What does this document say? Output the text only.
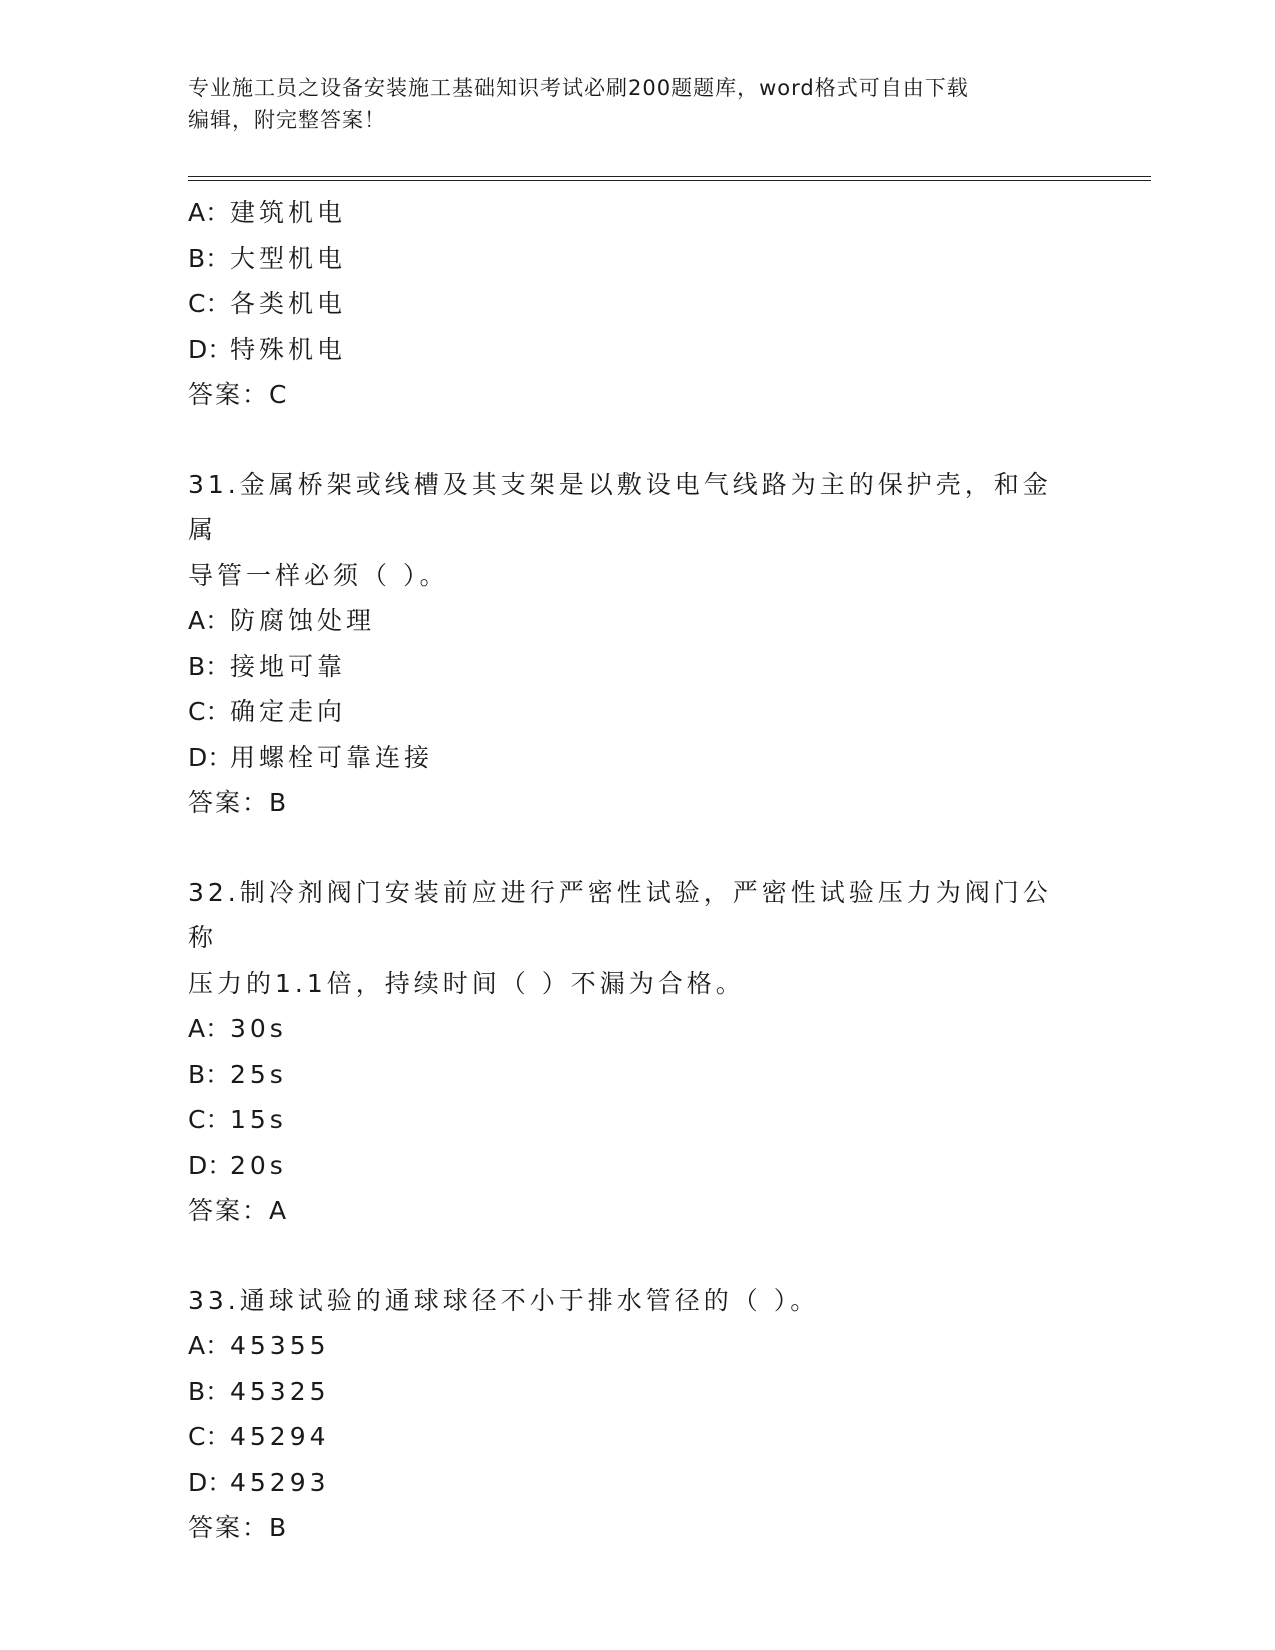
专业施工员之设备安装施工基础知识考试必刷200题题库，word格式可自由下载
编辑，附完整答案！
A：建筑机电
B：大型机电
C：各类机电
D：特殊机电
答案：C
31.金属桥架或线槽及其支架是以敷设电气线路为主的保护壳，和金属
导管一样必须（ ）。
A：防腐蚀处理
B：接地可靠
C：确定走向
D：用螺栓可靠连接
答案：B
32.制冷剂阀门安装前应进行严密性试验，严密性试验压力为阀门公称
压力的1.1倍，持续时间（ ）不漏为合格。
A：30s
B：25s
C：15s
D：20s
答案：A
33.通球试验的通球球径不小于排水管径的（ ）。
A：45355
B：45325
C：45294
D：45293
答案：B
